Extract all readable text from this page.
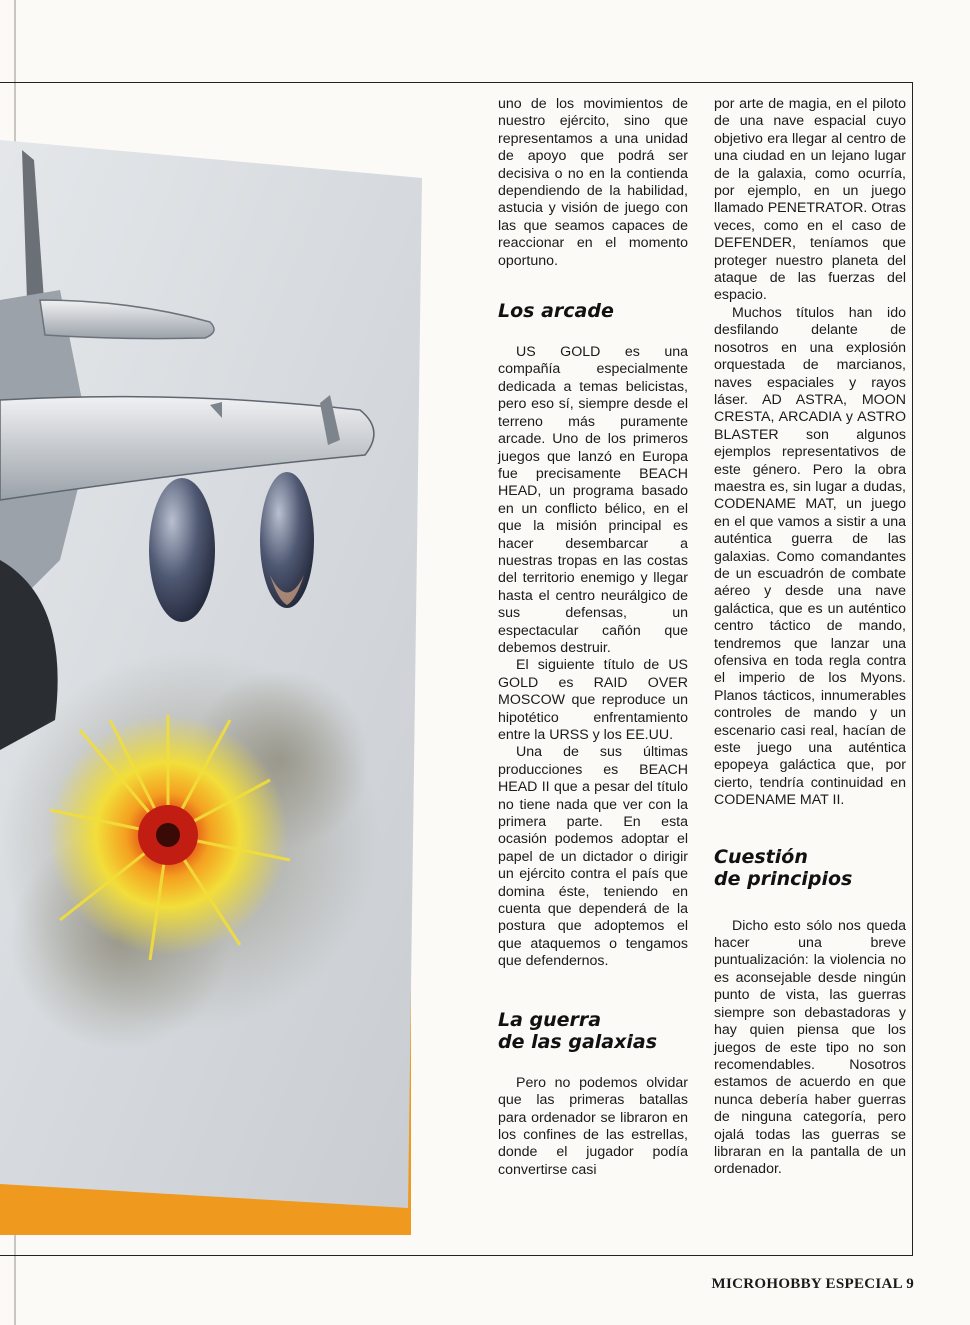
uno de los movimientos de nuestro ejército, sino que representamos a una unidad de apoyo que podrá ser decisiva o no en la contienda dependiendo de la habilidad, astucia y visión de juego con las que seamos capaces de reaccionar en el momento oportuno.

Los arcade

US GOLD es una compañía especialmente dedicada a temas belicistas, pero eso sí, siempre desde el terreno más puramente arcade. Uno de los primeros juegos que lanzó en Europa fue precisamente BEACH HEAD, un programa basado en un conflicto bélico, en el que la misión principal es hacer desembarcar a nuestras tropas en las costas del territorio enemigo y llegar hasta el centro neurálgico de sus defensas, un espectacular cañón que debemos destruir.

El siguiente título de US GOLD es RAID OVER MOSCOW que reproduce un hipotético enfrentamiento entre la URSS y los EE.UU.

Una de sus últimas producciones es BEACH HEAD II que a pesar del título no tiene nada que ver con la primera parte. En esta ocasión podemos adoptar el papel de un dictador o dirigir un ejército contra el país que domina éste, teniendo en cuenta que dependerá de la postura que adoptemos el que ataquemos o tengamos que defendernos.

La guerra
de las galaxias

Pero no podemos olvidar que las primeras batallas para ordenador se libraron en los confines de las estrellas, donde el jugador podía convertirse casi

por arte de magia, en el piloto de una nave espacial cuyo objetivo era llegar al centro de una ciudad en un lejano lugar de la galaxia, como ocurría, por ejemplo, en un juego llamado PENETRATOR. Otras veces, como en el caso de DEFENDER, teníamos que proteger nuestro planeta del ataque de las fuerzas del espacio.

Muchos títulos han ido desfilando delante de nosotros en una explosión orquestada de marcianos, naves espaciales y rayos láser. AD ASTRA, MOON CRESTA, ARCADIA y ASTRO BLASTER son algunos ejemplos representativos de este género. Pero la obra maestra es, sin lugar a dudas, CODENAME MAT, un juego en el que vamos a sistir a una auténtica guerra de las galaxias. Como comandantes de un escuadrón de combate aéreo y desde una nave galáctica, que es un auténtico centro táctico de mando, tendremos que lanzar una ofensiva en toda regla contra el imperio de los Myons. Planos tácticos, innumerables controles de mando y un escenario casi real, hacían de este juego una auténtica epopeya galáctica que, por cierto, tendría continuidad en CODENAME MAT II.

Cuestión
de principios

Dicho esto sólo nos queda hacer una breve puntualización: la violencia no es aconsejable desde ningún punto de vista, las guerras siempre son debastadoras y hay quien piensa que los juegos de este tipo no son recomendables. Nosotros estamos de acuerdo en que nunca debería haber guerras de ninguna categoría, pero ojalá todas las guerras se libraran en la pantalla de un ordenador.

MICROHOBBY ESPECIAL 9
